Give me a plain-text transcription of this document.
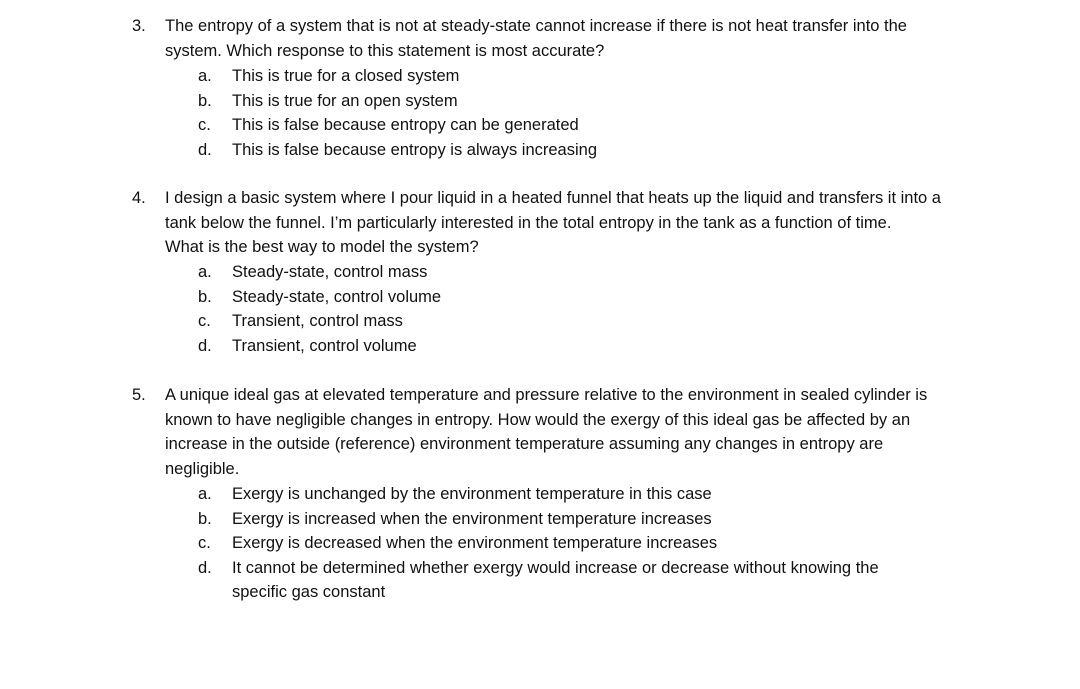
3. The entropy of a system that is not at steady-state cannot increase if there is not heat transfer into the
system. Which response to this statement is most accurate?
a. This is true for a closed system
b. This is true for an open system
c. This is false because entropy can be generated
d. This is false because entropy is always increasing
4. I design a basic system where I pour liquid in a heated funnel that heats up the liquid and transfers it into a
tank below the funnel. I’m particularly interested in the total entropy in the tank as a function of time.
What is the best way to model the system?
a. Steady-state, control mass
b. Steady-state, control volume
c. Transient, control mass
d. Transient, control volume
5. A unique ideal gas at elevated temperature and pressure relative to the environment in sealed cylinder is
known to have negligible changes in entropy. How would the exergy of this ideal gas be affected by an
increase in the outside (reference) environment temperature assuming any changes in entropy are
negligible.
a. Exergy is unchanged by the environment temperature in this case
b. Exergy is increased when the environment temperature increases
c. Exergy is decreased when the environment temperature increases
d. It cannot be determined whether exergy would increase or decrease without knowing the
specific gas constant
